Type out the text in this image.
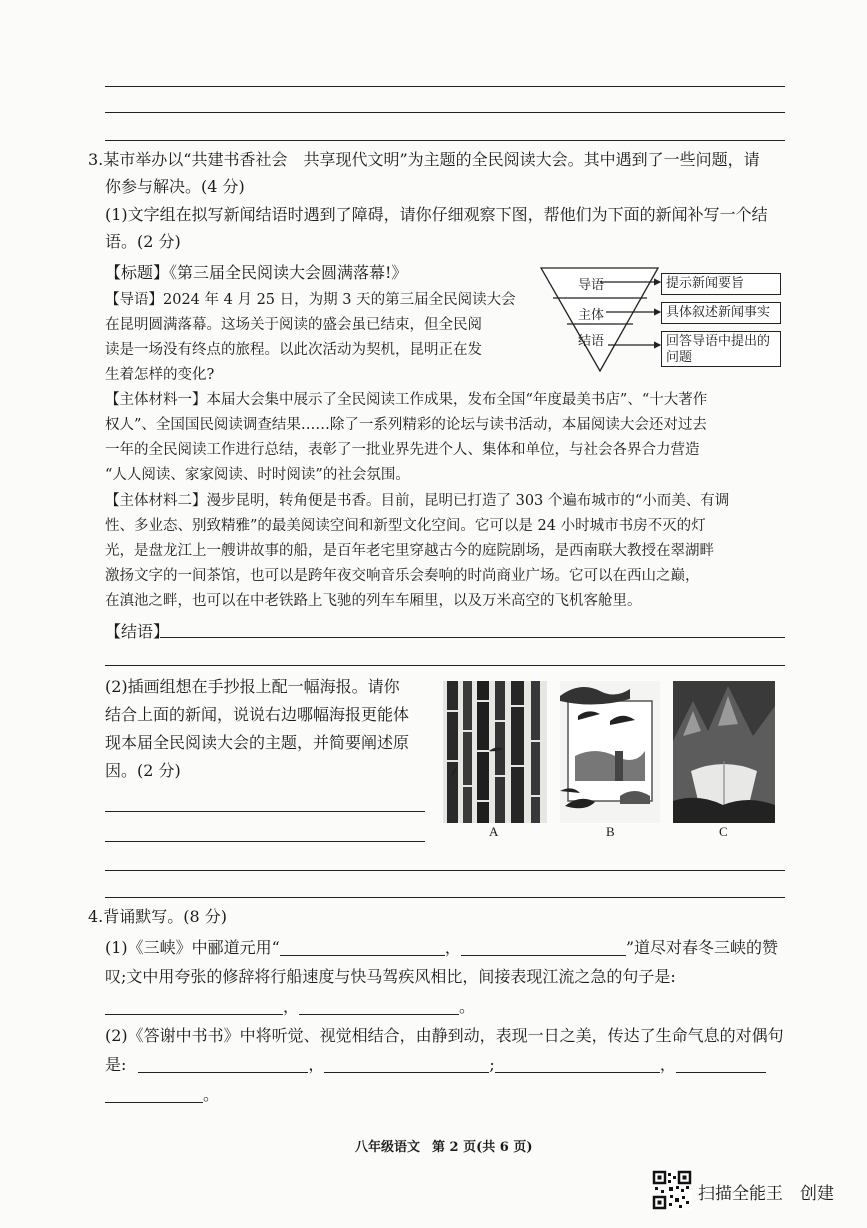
3.某市举办以“共建书香社会　共享现代文明”为主题的全民阅读大会。其中遇到了一些问题，请
你参与解决。(4 分)
(1)文字组在拟写新闻结语时遇到了障碍，请你仔细观察下图，帮他们为下面的新闻补写一个结
语。(2 分)
【标题】《第三届全民阅读大会圆满落幕!》
【导语】2024 年 4 月 25 日，为期 3 天的第三届全民阅读大会
在昆明圆满落幕。这场关于阅读的盛会虽已结束，但全民阅
读是一场没有终点的旅程。以此次活动为契机，昆明正在发
生着怎样的变化?
导语
主体
结语
提示新闻要旨
具体叙述新闻事实
回答导语中提出的问题
【主体材料一】本届大会集中展示了全民阅读工作成果，发布全国“年度最美书店”、“十大著作
权人”、全国国民阅读调查结果……除了一系列精彩的论坛与读书活动，本届阅读大会还对过去
一年的全民阅读工作进行总结，表彰了一批业界先进个人、集体和单位，与社会各界合力营造
“人人阅读、家家阅读、时时阅读”的社会氛围。
【主体材料二】漫步昆明，转角便是书香。目前，昆明已打造了 303 个遍布城市的“小而美、有调
性、多业态、别致精雅”的最美阅读空间和新型文化空间。它可以是 24 小时城市书房不灭的灯
光，是盘龙江上一艘讲故事的船，是百年老宅里穿越古今的庭院剧场，是西南联大教授在翠湖畔
激扬文字的一间茶馆，也可以是跨年夜交响音乐会奏响的时尚商业广场。它可以在西山之巅，
在滇池之畔，也可以在中老铁路上飞驰的列车车厢里，以及万米高空的飞机客舱里。
【结语】
(2)插画组想在手抄报上配一幅海报。请你
结合上面的新闻，说说右边哪幅海报更能体
现本届全民阅读大会的主题，并简要阐述原
因。(2 分)
A	B	C
4.背诵默写。(8 分)
(1)《三峡》中郦道元用“	，	”道尽对春冬三峡的赞
叹;文中用夸张的修辞将行船速度与快马驾疾风相比，间接表现江流之急的句子是:
，	。
(2)《答谢中书书》中将听觉、视觉相结合，由静到动，表现一日之美，传达了生命气息的对偶句
是:	，	;	，
。
八年级语文 第 2 页(共 6 页)
扫描全能王 创建
